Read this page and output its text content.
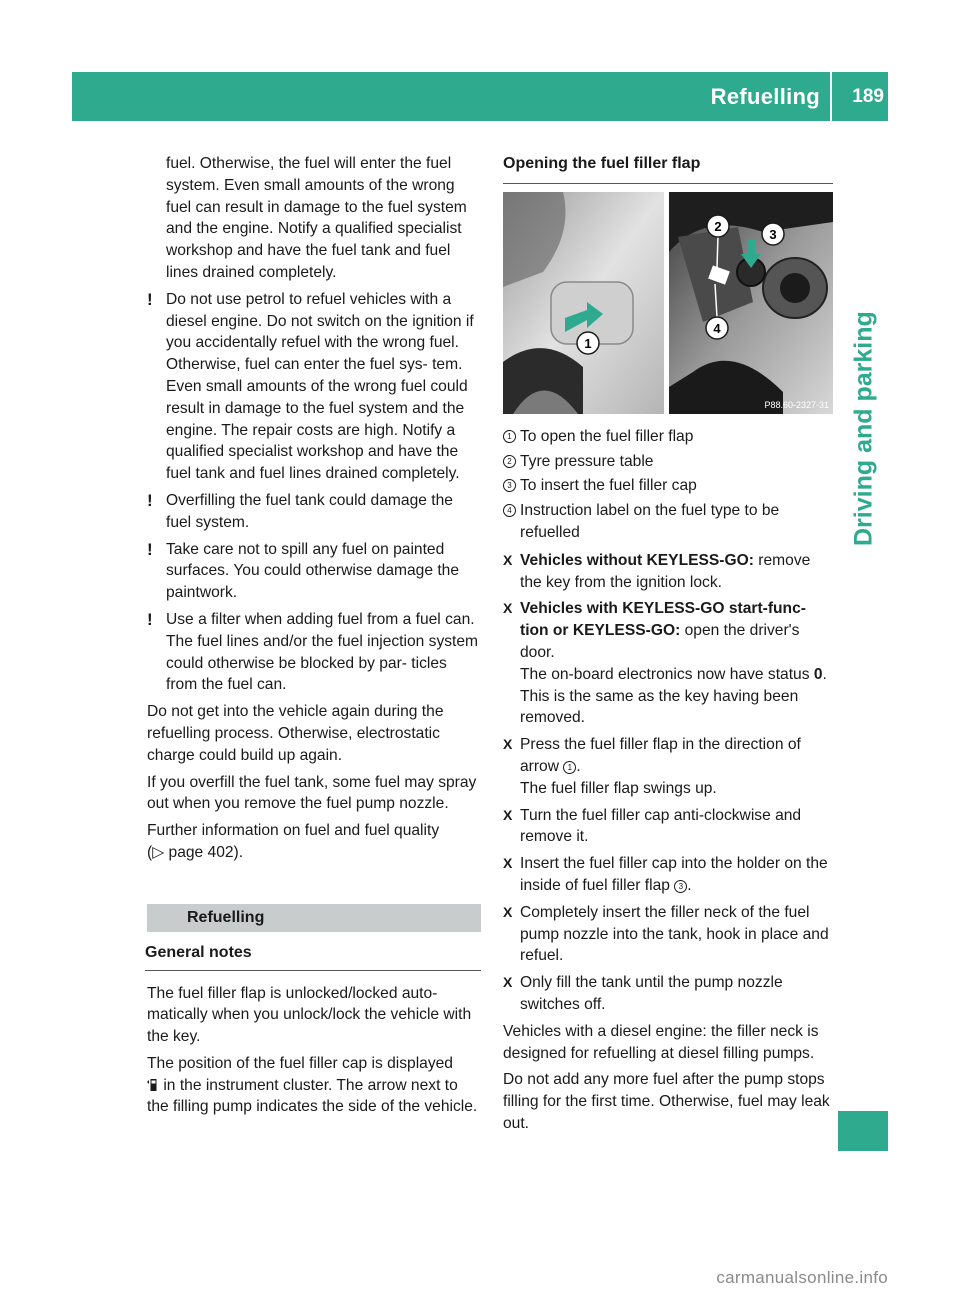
Refuelling 189
Driving and parking

fuel. Otherwise, the fuel will enter the fuel system. Even small amounts of the wrong fuel can result in damage to the fuel system and the engine. Notify a qualified specialist workshop and have the fuel tank and fuel lines drained completely.

! Do not use petrol to refuel vehicles with a diesel engine. Do not switch on the ignition if you accidentally refuel with the wrong fuel. Otherwise, fuel can enter the fuel sys- tem. Even small amounts of the wrong fuel could result in damage to the fuel system and the engine. The repair costs are high. Notify a qualified specialist workshop and have the fuel tank and fuel lines drained completely.
! Overfilling the fuel tank could damage the fuel system.
! Take care not to spill any fuel on painted surfaces. You could otherwise damage the paintwork.
! Use a filter when adding fuel from a fuel can. The fuel lines and/or the fuel injection system could otherwise be blocked by par- ticles from the fuel can.

Do not get into the vehicle again during the refuelling process. Otherwise, electrostatic charge could build up again.

If you overfill the fuel tank, some fuel may spray out when you remove the fuel pump nozzle.

Further information on fuel and fuel quality
(▷ page 402).

Refuelling
General notes

The fuel filler flap is unlocked/locked auto- matically when you unlock/lock the vehicle with the key.

The position of the fuel filler cap is displayed
in the instrument cluster. The arrow next to the filling pump indicates the side of the vehicle.

Opening the fuel filler flap
1
2
3
4
P88.60-2327-31
1 To open the fuel filler flap
2 Tyre pressure table
3 To insert the fuel filler cap
4 Instruction label on the fuel type to be refuelled
X Vehicles without KEYLESS-GO: remove the key from the ignition lock.
X Vehicles with KEYLESS-GO start-func- tion or KEYLESS-GO: open the driver's door.
The on-board electronics now have status 0. This is the same as the key having been removed.
X Press the fuel filler flap in the direction of arrow 1 .
The fuel filler flap swings up.
X Turn the fuel filler cap anti-clockwise and remove it.
X Insert the fuel filler cap into the holder on the inside of fuel filler flap 3 .
X Completely insert the filler neck of the fuel pump nozzle into the tank, hook in place and refuel.
X Only fill the tank until the pump nozzle switches off.

Vehicles with a diesel engine: the filler neck is designed for refuelling at diesel filling pumps.

Do not add any more fuel after the pump stops filling for the first time. Otherwise, fuel may leak out.

carmanualsonline.info
